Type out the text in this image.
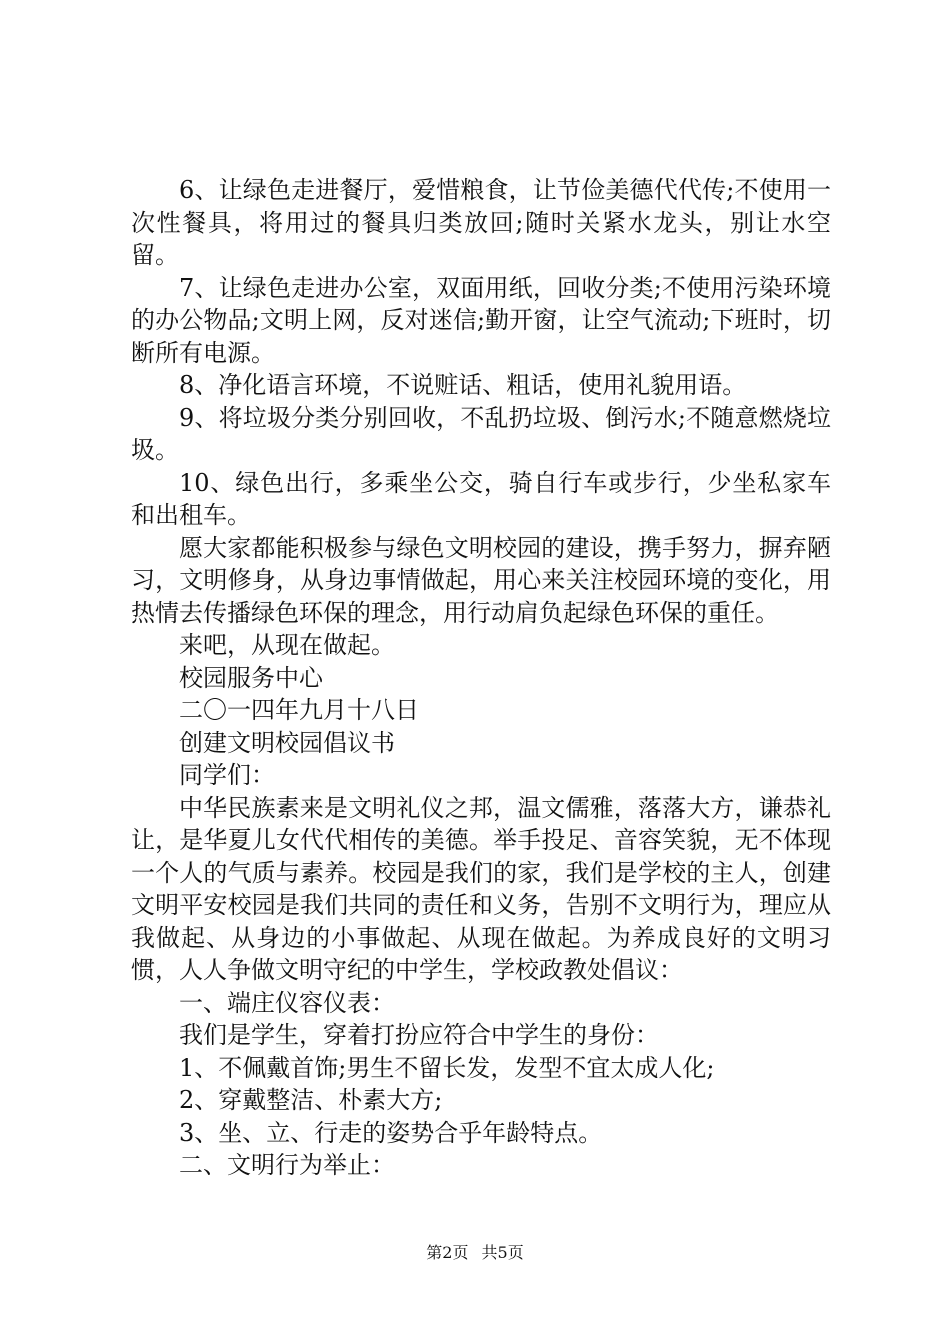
6、让绿色走进餐厅，爱惜粮食，让节俭美德代代传;不使用一次性餐具，将用过的餐具归类放回;随时关紧水龙头，别让水空留。

7、让绿色走进办公室，双面用纸，回收分类;不使用污染环境的办公物品;文明上网，反对迷信;勤开窗，让空气流动;下班时，切断所有电源。

8、净化语言环境，不说赃话、粗话，使用礼貌用语。

9、将垃圾分类分别回收，不乱扔垃圾、倒污水;不随意燃烧垃圾。

10、绿色出行，多乘坐公交，骑自行车或步行，少坐私家车和出租车。

愿大家都能积极参与绿色文明校园的建设，携手努力，摒弃陋习，文明修身，从身边事情做起，用心来关注校园环境的变化，用热情去传播绿色环保的理念，用行动肩负起绿色环保的重任。

来吧，从现在做起。

校园服务中心

二〇一四年九月十八日

创建文明校园倡议书

同学们：

中华民族素来是文明礼仪之邦，温文儒雅，落落大方，谦恭礼让，是华夏儿女代代相传的美德。举手投足、音容笑貌，无不体现一个人的气质与素养。校园是我们的家，我们是学校的主人，创建文明平安校园是我们共同的责任和义务，告别不文明行为，理应从我做起、从身边的小事做起、从现在做起。为养成良好的文明习惯，人人争做文明守纪的中学生，学校政教处倡议：

一、端庄仪容仪表：

我们是学生，穿着打扮应符合中学生的身份：

1、不佩戴首饰;男生不留长发，发型不宜太成人化;

2、穿戴整洁、朴素大方;

3、坐、立、行走的姿势合乎年龄特点。

二、文明行为举止：

第2页 共5页
